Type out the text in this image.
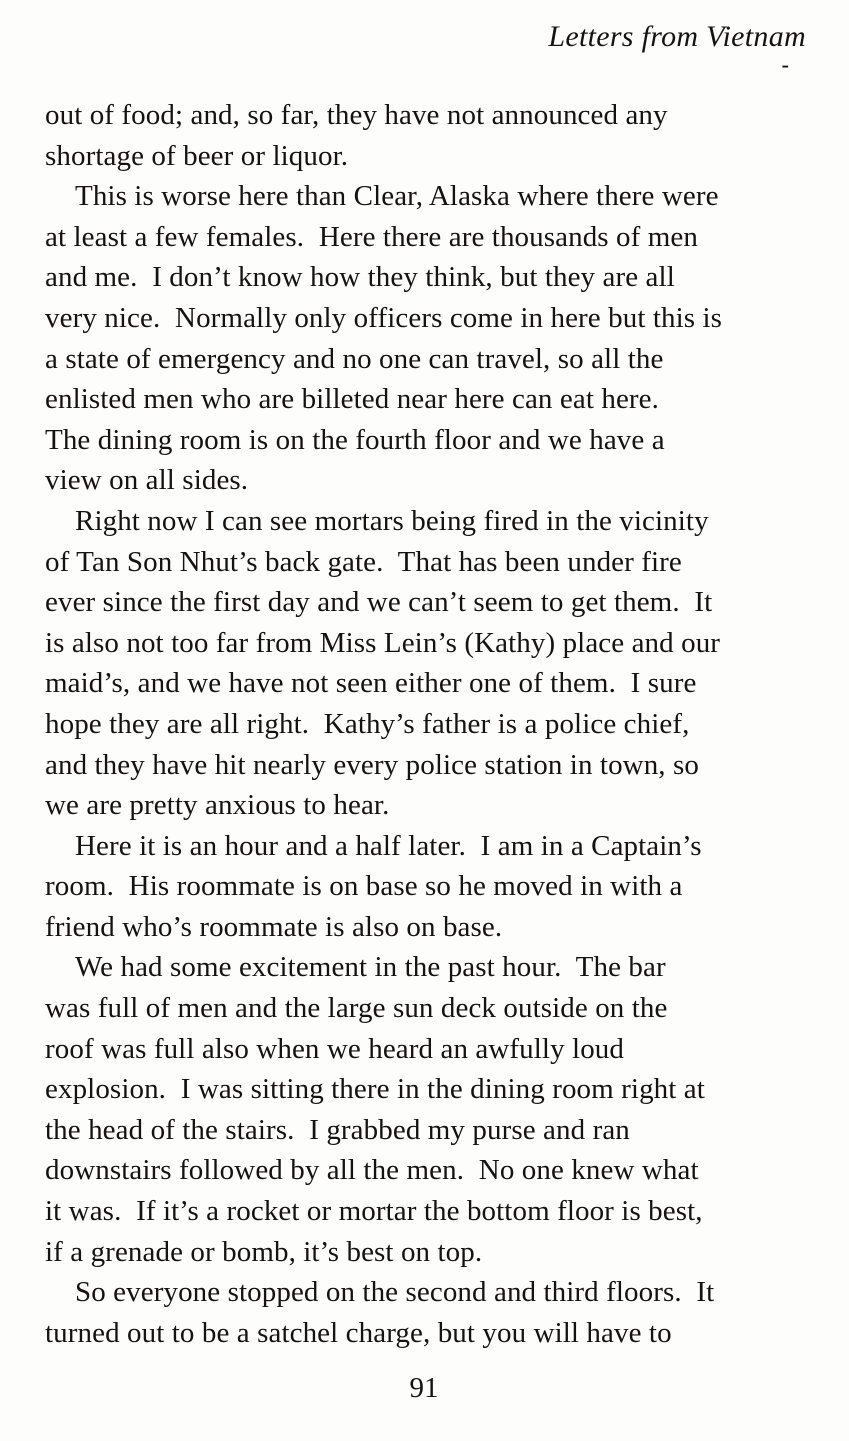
Letters from Vietnam
-
out of food; and, so far, they have not announced any
shortage of beer or liquor.
This is worse here than Clear, Alaska where there were
at least a few females.  Here there are thousands of men
and me.  I don’t know how they think, but they are all
very nice.  Normally only officers come in here but this is
a state of emergency and no one can travel, so all the
enlisted men who are billeted near here can eat here.
The dining room is on the fourth floor and we have a
view on all sides.
Right now I can see mortars being fired in the vicinity
of Tan Son Nhut’s back gate.  That has been under fire
ever since the first day and we can’t seem to get them.  It
is also not too far from Miss Lein’s (Kathy) place and our
maid’s, and we have not seen either one of them.  I sure
hope they are all right.  Kathy’s father is a police chief,
and they have hit nearly every police station in town, so
we are pretty anxious to hear.
Here it is an hour and a half later.  I am in a Captain’s
room.  His roommate is on base so he moved in with a
friend who’s roommate is also on base.
We had some excitement in the past hour.  The bar
was full of men and the large sun deck outside on the
roof was full also when we heard an awfully loud
explosion.  I was sitting there in the dining room right at
the head of the stairs.  I grabbed my purse and ran
downstairs followed by all the men.  No one knew what
it was.  If it’s a rocket or mortar the bottom floor is best,
if a grenade or bomb, it’s best on top.
So everyone stopped on the second and third floors.  It
turned out to be a satchel charge, but you will have to
91
